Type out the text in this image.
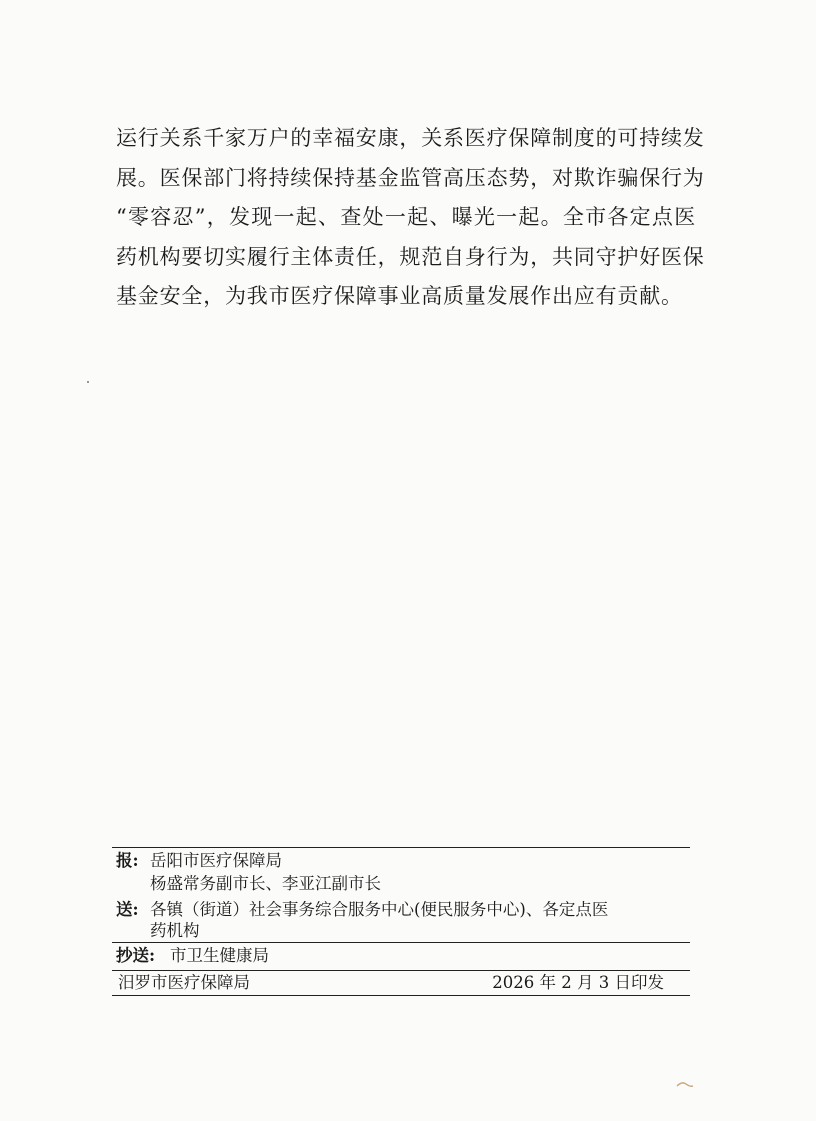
运行关系千家万户的幸福安康，关系医疗保障制度的可持续发
展。医保部门将持续保持基金监管高压态势，对欺诈骗保行为
“零容忍”，发现一起、查处一起、曝光一起。全市各定点医
药机构要切实履行主体责任，规范自身行为，共同守护好医保
基金安全，为我市医疗保障事业高质量发展作出应有贡献。
报: 岳阳市医疗保障局
杨盛常务副市长、李亚江副市长
送: 各镇（街道）社会事务综合服务中心(便民服务中心)、各定点医
药机构
抄送: 市卫生健康局
汨罗市医疗保障局	2026 年 2 月 3 日印发
